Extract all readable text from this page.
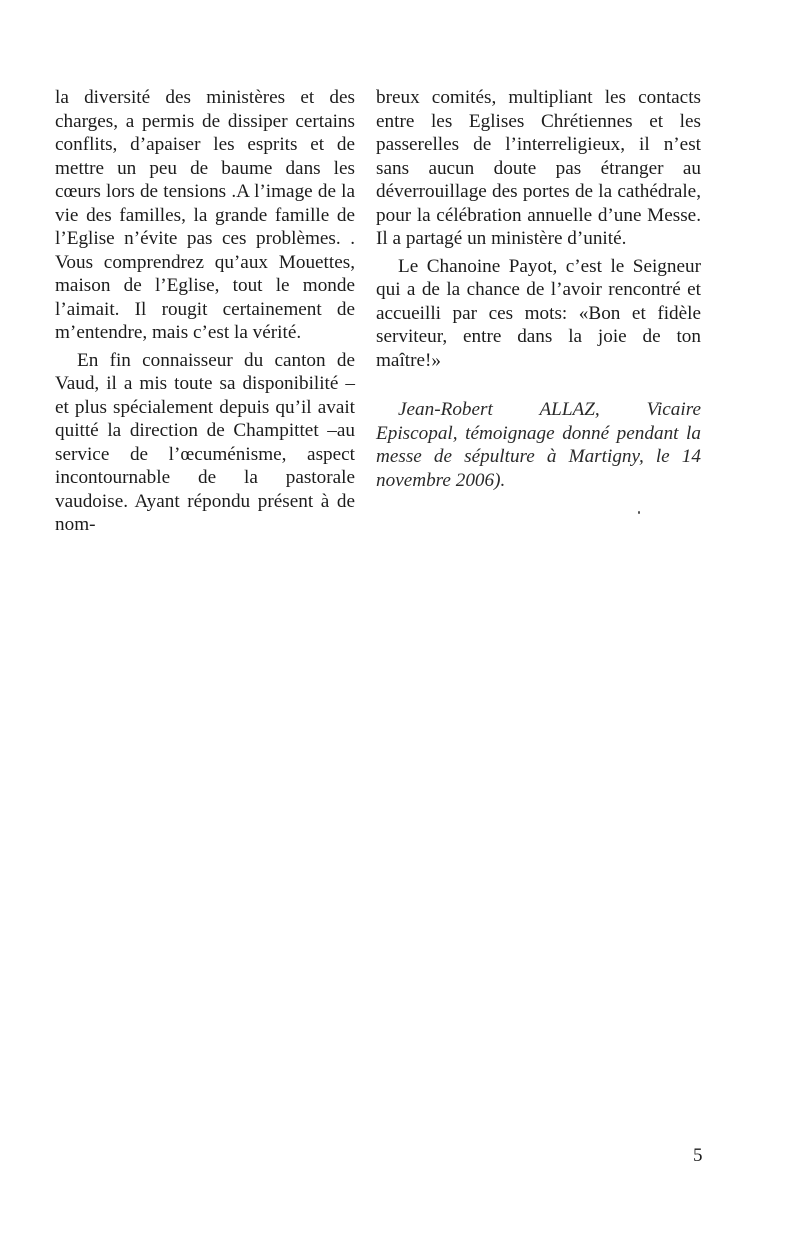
la diversité des ministères et des charges, a permis de dissiper certains conflits, d’apaiser les esprits et de mettre un peu de baume dans les cœurs lors de tensions .A l’image de la vie des familles, la grande famille de l’Eglise n’évite pas ces problèmes. . Vous comprendrez qu’aux Mouettes, maison de l’Eglise, tout le monde l’aimait. Il rougit certainement de m’entendre, mais c’est la vérité.

En fin connaisseur du canton de Vaud, il a mis toute sa disponibilité – et plus spécialement depuis qu’il avait quitté la direction de Champittet –au service de l’œcuménisme, aspect incontournable de la pastorale vaudoise. Ayant répondu présent à de nom-

breux comités, multipliant les contacts entre les Eglises Chrétiennes et les passerelles de l’interreligieux, il n’est sans aucun doute pas étranger au déverrouillage des portes de la cathédrale, pour la célébration annuelle d’une Messe. Il a partagé un ministère d’unité.

Le Chanoine Payot, c’est le Seigneur qui a de la chance de l’avoir rencontré et accueilli par ces mots: «Bon et fidèle serviteur, entre dans la joie de ton maître!»

Jean-Robert ALLAZ, Vicaire Episcopal, témoignage donné pendant la messe de sépulture à Martigny, le 14 novembre 2006).

5
